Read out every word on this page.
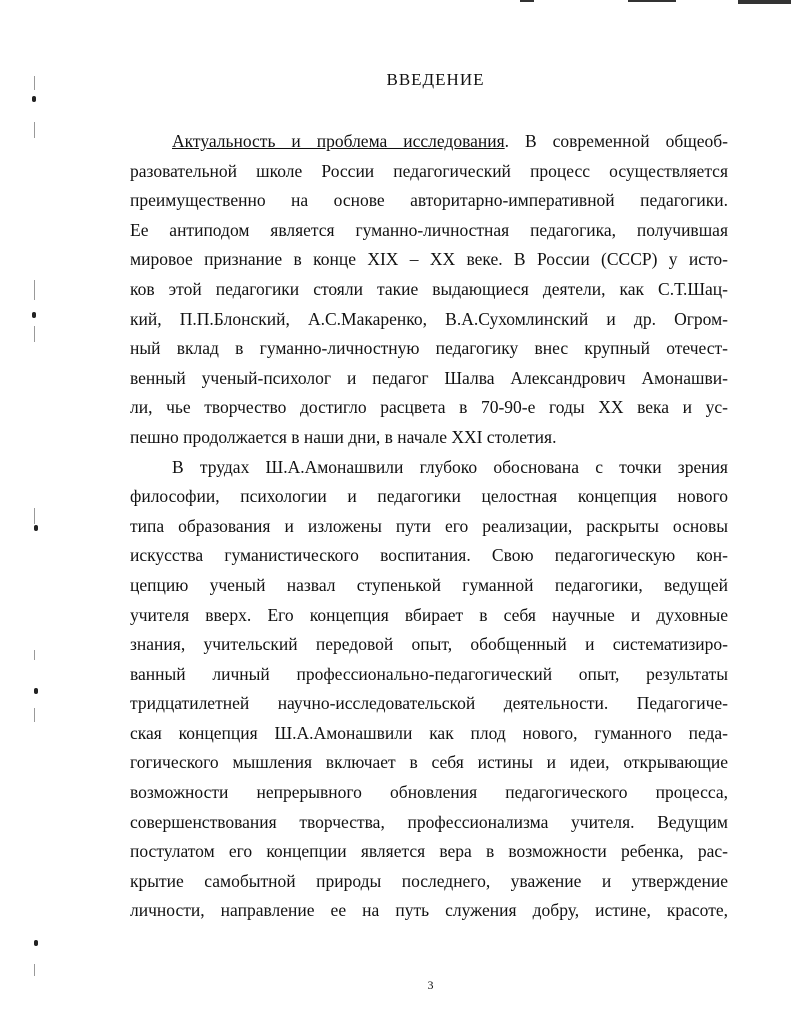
ВВЕДЕНИЕ
Актуальность и проблема исследования. В современной общеоб-
разовательной школе России педагогический процесс осуществляется
преимущественно на основе авторитарно-императивной педагогики.
Ее антиподом является гуманно-личностная педагогика, получившая
мировое признание в конце XIX – XX веке. В России (СССР) у исто-
ков этой педагогики стояли такие выдающиеся деятели, как С.Т.Шац-
кий, П.П.Блонский, А.С.Макаренко, В.А.Сухомлинский и др. Огром-
ный вклад в гуманно-личностную педагогику внес крупный отечест-
венный ученый-психолог и педагог Шалва Александрович Амонашви-
ли, чье творчество достигло расцвета в 70-90-е годы XX века и ус-
пешно продолжается в наши дни, в начале XXI столетия.
В трудах Ш.А.Амонашвили глубоко обоснована с точки зрения
философии, психологии и педагогики целостная концепция нового
типа образования и изложены пути его реализации, раскрыты основы
искусства гуманистического воспитания. Свою педагогическую кон-
цепцию ученый назвал ступенькой гуманной педагогики, ведущей
учителя вверх. Его концепция вбирает в себя научные и духовные
знания, учительский передовой опыт, обобщенный и систематизиро-
ванный личный профессионально-педагогический опыт, результаты
тридцатилетней научно-исследовательской деятельности. Педагогиче-
ская концепция Ш.А.Амонашвили как плод нового, гуманного педа-
гогического мышления включает в себя истины и идеи, открывающие
возможности непрерывного обновления педагогического процесса,
совершенствования творчества, профессионализма учителя. Ведущим
постулатом его концепции является вера в возможности ребенка, рас-
крытие самобытной природы последнего, уважение и утверждение
личности, направление ее на путь служения добру, истине, красоте,
3
